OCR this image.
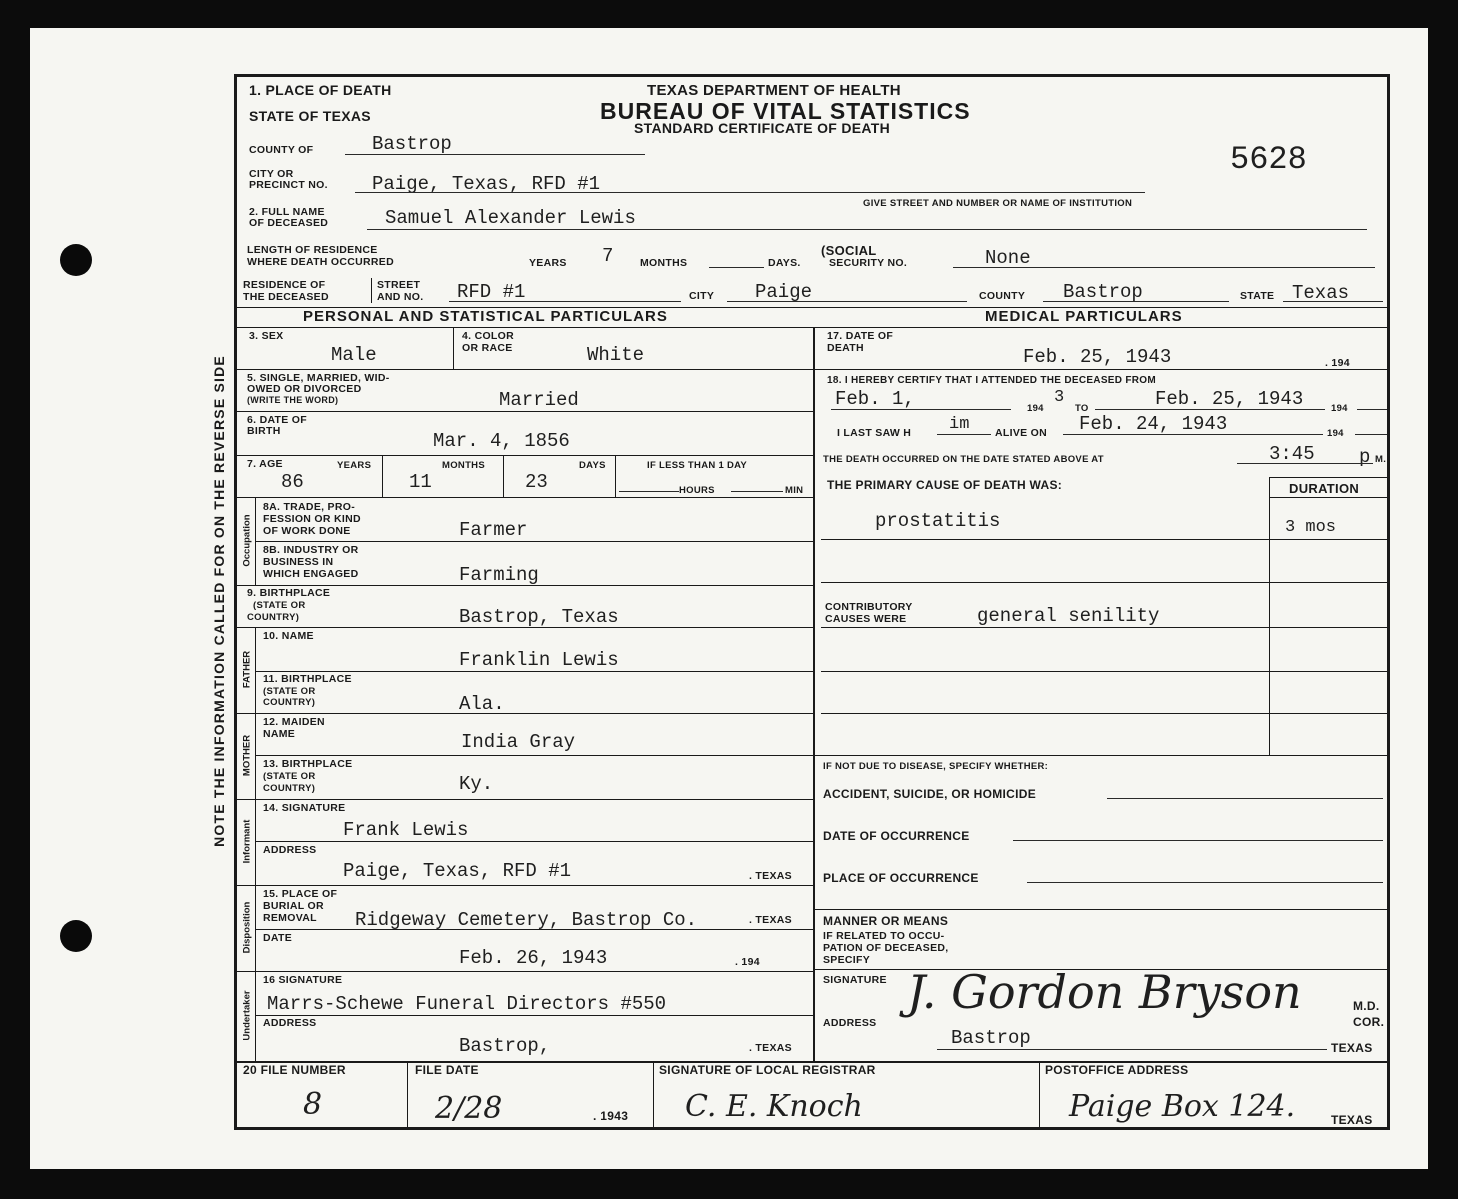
NOTE THE INFORMATION CALLED FOR ON THE REVERSE SIDE
1. PLACE OF DEATH
STATE OF TEXAS
TEXAS DEPARTMENT OF HEALTH
BUREAU OF VITAL STATISTICS
STANDARD CERTIFICATE OF DEATH
5628
COUNTY OF	Bastrop
CITY OR
PRECINCT NO. Paige, Texas, RFD #1
GIVE STREET AND NUMBER OR NAME OF INSTITUTION
2. FULL NAME
OF DECEASED	Samuel Alexander Lewis
LENGTH OF RESIDENCE
WHERE DEATH OCCURRED	YEARS 7	MONTHS	DAYS.
(SOCIAL
SECURITY NO.	None
RESIDENCE OF
THE DECEASED
STREET
AND NO. RFD #1	CITY Paige	COUNTY Bastrop	STATE Texas
PERSONAL AND STATISTICAL PARTICULARS	MEDICAL PARTICULARS
3. SEX
Male
4. COLOR
OR RACE	White
5. SINGLE, MARRIED, WID-
OWED OR DIVORCED
(WRITE THE WORD)	Married
6. DATE OF
BIRTH	Mar. 4, 1856
7. AGE	YEARS
86
MONTHS
11
DAYS
23
IF LESS THAN 1 DAY
HOURS	MIN
Occupation
8A. TRADE, PRO-
FESSION OR KIND
OF WORK DONE	Farmer
8B. INDUSTRY OR
BUSINESS IN
WHICH ENGAGED	Farming
9. BIRTHPLACE
(STATE OR
COUNTRY)	Bastrop, Texas
FATHER
10. NAME
Franklin Lewis
11. BIRTHPLACE
(STATE OR
COUNTRY)	Ala.
MOTHER
12. MAIDEN
NAME	India Gray
13. BIRTHPLACE
(STATE OR
COUNTRY)	Ky.
Informant
14. SIGNATURE
Frank Lewis
ADDRESS
Paige, Texas, RFD #1	. TEXAS
Disposition
15. PLACE OF
BURIAL OR
REMOVAL Ridgeway Cemetery, Bastrop Co.	. TEXAS
DATE
Feb. 26, 1943	. 194
Undertaker
16 SIGNATURE
Marrs-Schewe Funeral Directors #550
ADDRESS
Bastrop,	. TEXAS
17. DATE OF
DEATH	Feb. 25, 1943	. 194
18. I HEREBY CERTIFY THAT I ATTENDED THE DECEASED FROM
Feb. 1,	194
3
TO	Feb. 25, 1943	194
I LAST SAW H im ALIVE ON Feb. 24, 1943	194
THE DEATH OCCURRED ON THE DATE STATED ABOVE AT	3:45 p M.
THE PRIMARY CAUSE OF DEATH WAS:	DURATION
prostatitis	3 mos
CONTRIBUTORY
CAUSES WERE	general senility
IF NOT DUE TO DISEASE, SPECIFY WHETHER:
ACCIDENT, SUICIDE, OR HOMICIDE
DATE OF OCCURRENCE
PLACE OF OCCURRENCE
MANNER OR MEANS
IF RELATED TO OCCU-
PATION OF DECEASED,
SPECIFY
SIGNATURE J. Gordon Bryson	M.D.
COR.
ADDRESS
Bastrop	TEXAS
20 FILE NUMBER
8
FILE DATE
2/28	. 1943
SIGNATURE OF LOCAL REGISTRAR
C. E. Knoch
POSTOFFICE ADDRESS
Paige Box 124.	TEXAS
